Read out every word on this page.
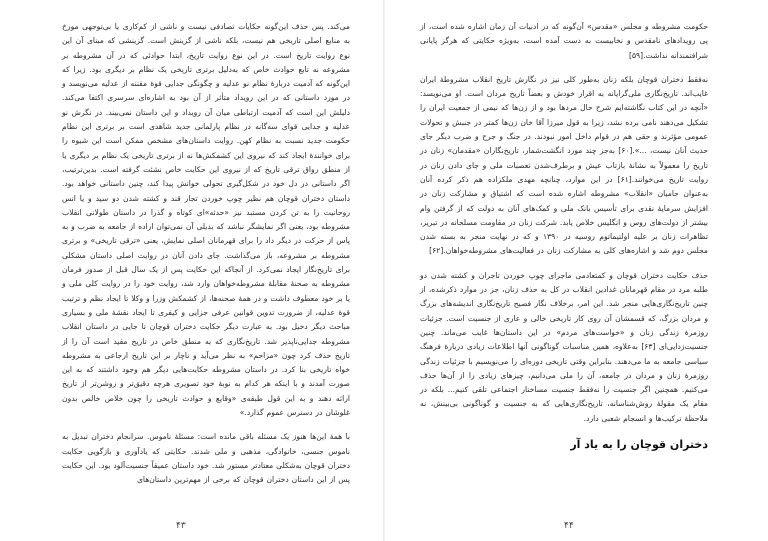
می‌کند. پس حذف این‌گونه حکایات تصادفی نیست و ناشی از کم‌کاری یا بی‌توجهی مورخ به منابع اصلی تاریخی هم نیست، بلکه ناشی از گزینش است. گزینشی که مبنای آن این نوع روایت تاریخ است. در این نوع روایت تاریخ، ابتدا حوادثی که در آن مشروطه بر مشروعه نه تابع حوادث خاص که به‌دلیل برتری تاریخی یک نظام بر دیگری بود. زیرا که این‌گونه که آدمیت دربارهٔ نظام نو عدلیه و چگونگی جدایی قوهٔ مقننه از عدلیه می‌نویسد و در مورد داستانی که در این رویداد متأثر از آن بود به اشاره‌ای سرسری اکتفا می‌کند. دلیلش این است که آدمیت ارتباطی میان آن رویداد و این داستان نمی‌بیند. در نگرش نو عدلیه و جدایی قوای سه‌گانه در نظام پارلمانی جدید شاهدی است بر برتری این نظام حکومت جدید نسبت به نظام کهن. روایت داستان‌های مشخص ممکن است این شیوه را برای خوانندهٔ ایجاد کند که نیروی این کشمکش‌ها نه از برتری تاریخی یک نظام بر دیگری یا از منطق رواق ترقی تاریخ که از نیروی این حکایت خاص نشئت گرفته است. بدین‌ترتیب، اگر داستانی در دل خود در شکل‌گیری تحولی خوانش پیدا کند، چنین داستانی خواهد بود. داستان دختران قوچان هم نظیر چوپ خوردن تجار قند و کشته شدن دو سید و یا انس روحانیت را به تن کردن مستبد نیز «حدثه»‌ای کوتاه و گذرا در داستان طولانی انقلاب مشروطه بود، یعنی اگر نمایشگر نباشد که بدیلی آن نمی‌توان اراده از جامعه به ضرب و به پاس از حرکت در دیگر داد را برای قهرمانان اصلی نمایش، یعنی «ترقی تاریخی» و برتری مشروطه بر مشروعه، باز می‌گذاشت. جای دادن آنان در روایت اصلی داستان مشکلی برای تاریخ‌نگار ایجاد نمی‌کرد. از آنجاکه این حکایت پس از یک سال قبل از صدور فرمان مشروطه به صحنهٔ مقابلهٔ مشروطه‌خواهان وارد شد، روایت خود را در روایت کلی ملی و یا بر خود معطوف داشت و در همهٔ صحنه‌ها، از کشمکش وزرا و وکلا تا ایجاد نظم و ترتیب قوهٔ عدلیه، از ضرورت تدوین قوانین عرفی جزایی و کیفری تا ایجاد نقشهٔ ملی و بسیاری مباحث دیگر دخیل بود. به عبارت دیگر حکایت دختران قوچان تا جایی در داستان انقلاب مشروطه جدایی‌ناپذیر شد. تاریخ‌نگاری که به منطق خاص در تاریخ مقید است آن را از تاریخ حذف کرد چون «مزاحم» به نظر می‌آید و ناچار بر این تاریخ ارجاعی به مشروطه خواه تاریخی بنا کرد. در داستان مشروطه حکایت‌هایی دیگر هم وجود داشتند که به این صورت آمدند و با اینکه هر کدام به نوبهٔ خود تصویری هرچه دقیق‌تر و روشن‌تر از تاریخ ارائه دهند و به این قول طبقه‌ی «وقایع و حوادث تاریخی را چون خلاص خالص بدون غلوشان در دسترس عموم گذارد.»

با همهٔ این‌ها هنوز یک مسئله باقی مانده است: مسئلهٔ ناموس. سرانجام دختران تبدیل به ناموس جنسی، خانوادگی، مذهبی و ملی شدند. حکایتی که یادآوری و بازگویی حکایت دختران قوچان به‌شکلی معتادتر مستور شد. خود داستان عمیقاً جنسیت‌آلود بود. این حکایت پس از این داستان دختران قوچان که برخی از مهم‌ترین داستان‌های

۴۳

حکومت مشروطه و مجلس «مقدس» آن‌گونه که در ادبیات آن زمان اشاره شده است، از پی رویدادهای نامقدس و نخابیست به دست آمده است، به‌ویژه حکایتی که هرگز پایانی شرافتمندانه نداشت.[۵۹]

نه‌فقط دختران قوچان بلکه زنان به‌طور کلی نیز در نگارش تاریخ انقلاب مشروطهٔ ایران غایب‌اند. تاریخ‌نگاری ملی‌گرایانه به اقرار خودش و بعضاً تاریخ مردان است. او می‌نویسد: «آنچه در این کتاب نگاشته‌ایم شرح حال مردها بود و از زن‌ها که نیمی از جمعیت ایران را تشکیل می‌دهند نامی برده نشد، زیرا به قول میرزا آقا خان زن‌ها کمتر در جنبش و تحولات عمومی مؤثرند و حقی هم در قوام داخل امور نبودند. در جنگ و جرح و ضرب دیگر جای حدیث آنان نیست، ...».[۶۰] به‌جز چند مورد انگشت‌شمار، تاریخ‌نگاران «مقدمان» زنان در تاریخ را معمولاً به نشانهٔ بازتاب عیش و برطرف‌شدن تعصبات ملی و جای دادن زنان در روایت تاریخ می‌خوانند.[۶۱] در این موارد، چنانچه مهدی ملکزاده هم ذکر کرده آنان به‌عنوان حامیان «انقلاب» مشروطه اشاره شده است که اشتیاق و مشارکت زنان در افزایش سرمایهٔ نقدی برای تأسیس بانک ملی و کمک‌های آنان به دولت که از گرفتن وام بیشتر از دولت‌های روس و انگلیس خلاص یابد. شرکت زنان در مقاومت مسلحانه در تبریز، تظاهرات زنان بر علیه اولتیماتوم روسیه در ۱۳۹۰ و که در نهایت منجر به بسته شدن مجلس دوم شد و اشاره‌های کلی به مشارکت زنان در فعالیت‌های مشروطه‌خواهان.[۶۲]

حذف حکایت دختران قوچان و کمتعادمی ماجرای چوپ خوردن تاجران و کشته شدن دو طلبه مرد در مقام قهرمانان غدادین انقلاب در کل به حذف زنان، جز در موارد ذکرشده، از چنین تاریخ‌نگاری‌هایی منجر شد. این امر، برخلاف نگار فصیح تاریخ‌نگاری اندیشه‌های بزرگ و مردان بزرگ، که قسمشان آن روی کار تاریخی خالی و عاری از جنسیت است. جزئیات روزمرهٔ زندگی زنان و «خواست‌های مردم» در این داستان‌ها غایب می‌ماند. چنین جنسیت‌زدایی‌ای [۶۳] به‌علاوه، همین مناسبات گوناگونی آنها اطلاعات زیادی دربارهٔ فرهنگ سیاسی جامعه به ما می‌دهند. بنابراین وقتی تاریخی دوره‌ای را می‌نویسیم با جزئیات زندگی روزمرهٔ زنان و مردان در جامعه، آن را ملی می‌دانیم، چیزهای زیادی را از آن‌ها حذف می‌کنیم. همچنین اگر جنسیت را نه‌فقط جنسیت مساختار اجتماعی تلقی کنیم... بلکه در مقام یک مقولهٔ روش‌شناسانه، تاریخ‌نگاری‌هایی که به جنسیت و گوناگونی بی‌بینش، نه ملاحظهٔ ترکیب‌ها و انسجام شعبی دارد.

دختران قوچان را به یاد آر
۴۴
